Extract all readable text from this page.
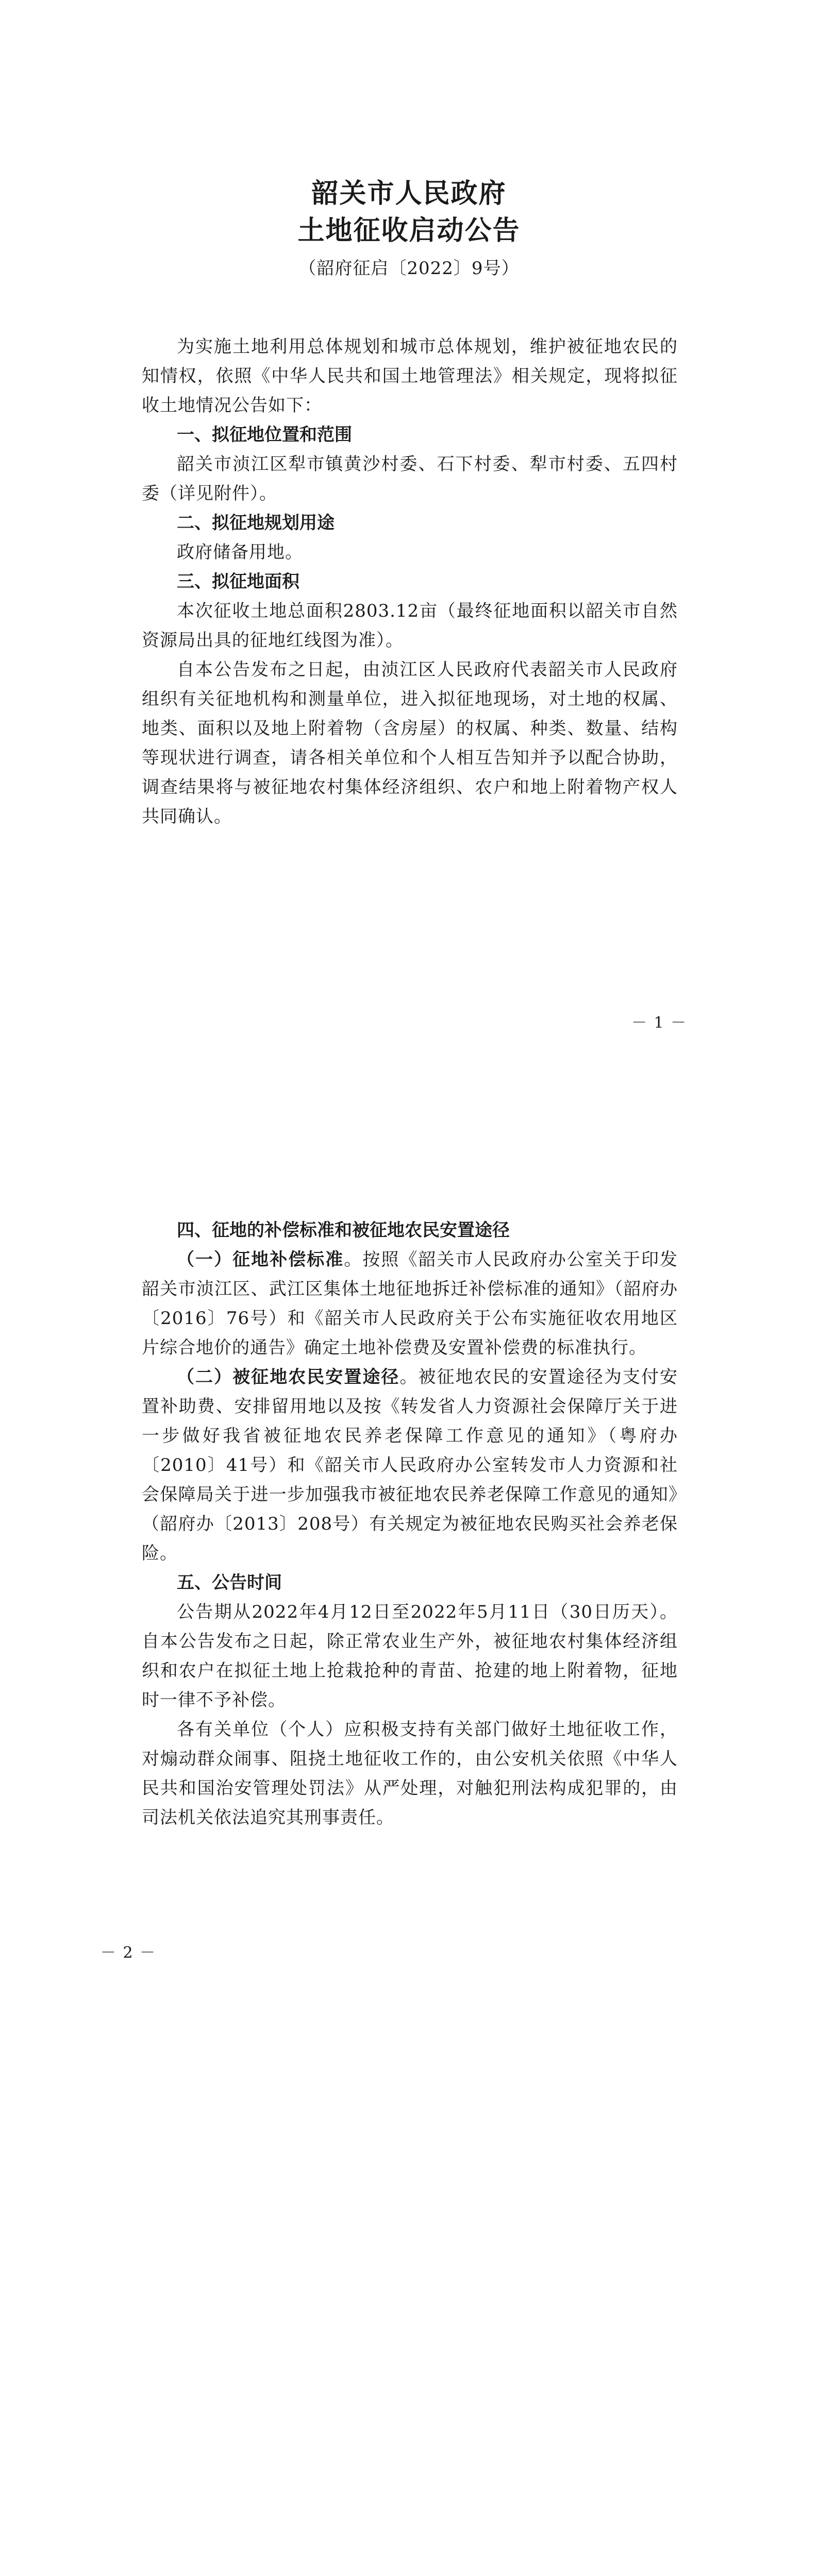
韶关市人民政府
土地征收启动公告
（韶府征启〔2022〕9号）

为实施土地利用总体规划和城市总体规划，维护被征地农民的知情权，依照《中华人民共和国土地管理法》相关规定，现将拟征收土地情况公告如下：

一、拟征地位置和范围

韶关市浈江区犁市镇黄沙村委、石下村委、犁市村委、五四村委（详见附件）。

二、拟征地规划用途

政府储备用地。

三、拟征地面积

本次征收土地总面积2803.12亩（最终征地面积以韶关市自然资源局出具的征地红线图为准）。

自本公告发布之日起，由浈江区人民政府代表韶关市人民政府组织有关征地机构和测量单位，进入拟征地现场，对土地的权属、地类、面积以及地上附着物（含房屋）的权属、种类、数量、结构等现状进行调查，请各相关单位和个人相互告知并予以配合协助，调查结果将与被征地农村集体经济组织、农户和地上附着物产权人共同确认。

－ 1 －
四、征地的补偿标准和被征地农民安置途径

（一）征地补偿标准。按照《韶关市人民政府办公室关于印发韶关市浈江区、武江区集体土地征地拆迁补偿标准的通知》（韶府办〔2016〕76号）和《韶关市人民政府关于公布实施征收农用地区片综合地价的通告》确定土地补偿费及安置补偿费的标准执行。

（二）被征地农民安置途径。被征地农民的安置途径为支付安置补助费、安排留用地以及按《转发省人力资源社会保障厅关于进一步做好我省被征地农民养老保障工作意见的通知》（粤府办〔2010〕41号）和《韶关市人民政府办公室转发市人力资源和社会保障局关于进一步加强我市被征地农民养老保障工作意见的通知》（韶府办〔2013〕208号）有关规定为被征地农民购买社会养老保险。

五、公告时间

公告期从2022年4月12日至2022年5月11日（30日历天）。自本公告发布之日起，除正常农业生产外，被征地农村集体经济组织和农户在拟征土地上抢栽抢种的青苗、抢建的地上附着物，征地时一律不予补偿。

各有关单位（个人）应积极支持有关部门做好土地征收工作，对煽动群众闹事、阻挠土地征收工作的，由公安机关依照《中华人民共和国治安管理处罚法》从严处理，对触犯刑法构成犯罪的，由司法机关依法追究其刑事责任。

－ 2 －
